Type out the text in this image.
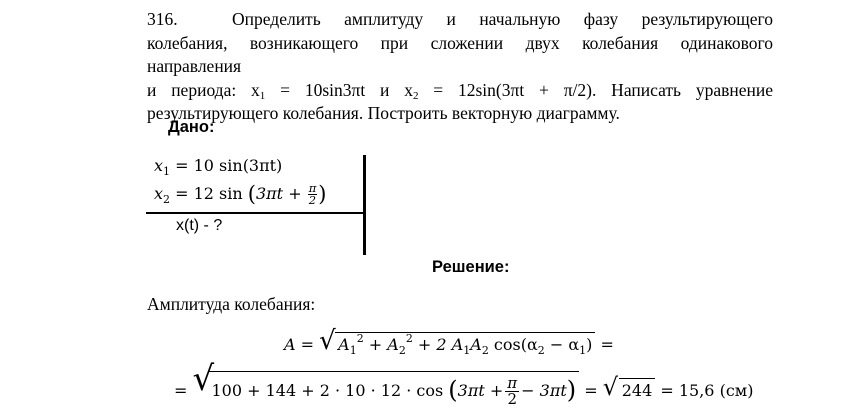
316.	Определить амплитуду и начальную фазу результирующего
колебания, возникающего при сложении двух колебания одинакового
направления
и периода: $x_1 = 10\sin 3\pi t$ и $x_2 = 12\sin(3\pi t + \pi/2)$. Написать уравнение
результирующего колебания. Построить векторную диаграмму.
Дано:
$x_1 = 10$ sin(3πt)
$x_2 = 12$ $\sin (3\pi t + \frac{\pi}{2}$ )
x(t) - ?
Решение:
Амплитуда колебания:
A = √ $A_1^2 + A_2^2 + 2$ $A_1A_2$ $\cos(\alpha_2 - \alpha_1)$ =
= √
$100 + 144 + 2 \cdot 10 \cdot 12 \cdot \cos (3\pi t + \frac{\pi}{2} - 3\pi t)$ = √ 244 = 15,6 (см)
